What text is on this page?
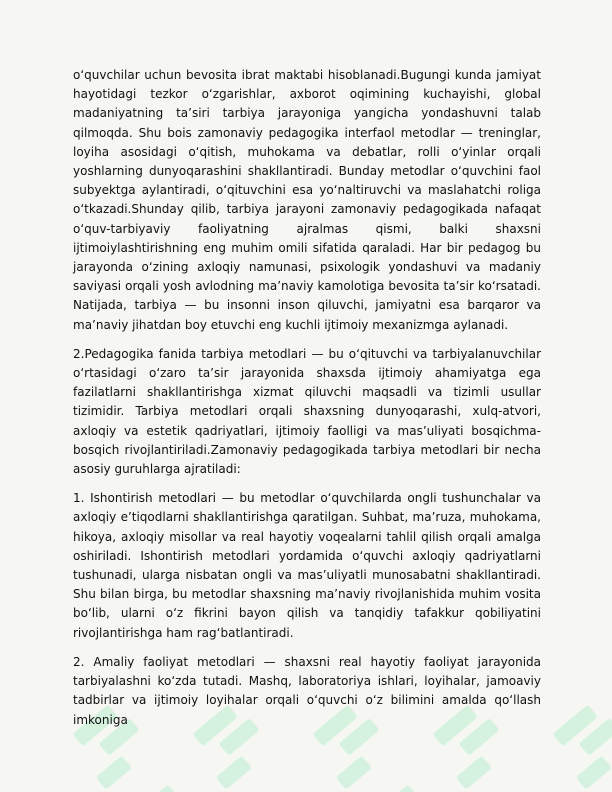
o‘quvchilar uchun bevosita ibrat maktabi hisoblanadi.Bugungi kunda jamiyat hayotidagi tezkor o‘zgarishlar, axborot oqimining kuchayishi, global madaniyatning ta’siri tarbiya jarayoniga yangicha yondashuvni talab qilmoqda. Shu bois zamonaviy pedagogika interfaol metodlar — treninglar, loyiha asosidagi o‘qitish, muhokama va debatlar, rolli o‘yinlar orqali yoshlarning dunyoqarashini shakllantiradi. Bunday metodlar o‘quvchini faol subyektga aylantiradi, o‘qituvchini esa yo‘naltiruvchi va maslahatchi roliga o‘tkazadi.Shunday qilib, tarbiya jarayoni zamonaviy pedagogikada nafaqat o‘quv-tarbiyaviy faoliyatning ajralmas qismi, balki shaxsni ijtimoiylashtirishning eng muhim omili sifatida qaraladi. Har bir pedagog bu jarayonda o‘zining axloqiy namunasi, psixologik yondashuvi va madaniy saviyasi orqali yosh avlodning ma’naviy kamolotiga bevosita ta’sir ko‘rsatadi. Natijada, tarbiya — bu insonni inson qiluvchi, jamiyatni esa barqaror va ma’naviy jihatdan boy etuvchi eng kuchli ijtimoiy mexanizmga aylanadi.

2.Pedagogika fanida tarbiya metodlari — bu o‘qituvchi va tarbiyalanuvchilar o‘rtasidagi o‘zaro ta’sir jarayonida shaxsda ijtimoiy ahamiyatga ega fazilatlarni shakllantirishga xizmat qiluvchi maqsadli va tizimli usullar tizimidir. Tarbiya metodlari orqali shaxsning dunyoqarashi, xulq-atvori, axloqiy va estetik qadriyatlari, ijtimoiy faolligi va mas’uliyati bosqichma-bosqich rivojlantiriladi.Zamonaviy pedagogikada tarbiya metodlari bir necha asosiy guruhlarga ajratiladi:

1. Ishontirish metodlari — bu metodlar o‘quvchilarda ongli tushunchalar va axloqiy e’tiqodlarni shakllantirishga qaratilgan. Suhbat, ma’ruza, muhokama, hikoya, axloqiy misollar va real hayotiy voqealarni tahlil qilish orqali amalga oshiriladi. Ishontirish metodlari yordamida o‘quvchi axloqiy qadriyatlarni tushunadi, ularga nisbatan ongli va mas’uliyatli munosabatni shakllantiradi. Shu bilan birga, bu metodlar shaxsning ma’naviy rivojlanishida muhim vosita bo‘lib, ularni o‘z fikrini bayon qilish va tanqidiy tafakkur qobiliyatini rivojlantirishga ham rag‘batlantiradi.

2. Amaliy faoliyat metodlari — shaxsni real hayotiy faoliyat jarayonida tarbiyalashni ko‘zda tutadi. Mashq, laboratoriya ishlari, loyihalar, jamoaviy tadbirlar va ijtimoiy loyihalar orqali o‘quvchi o‘z bilimini amalda qo‘llash imkoniga
